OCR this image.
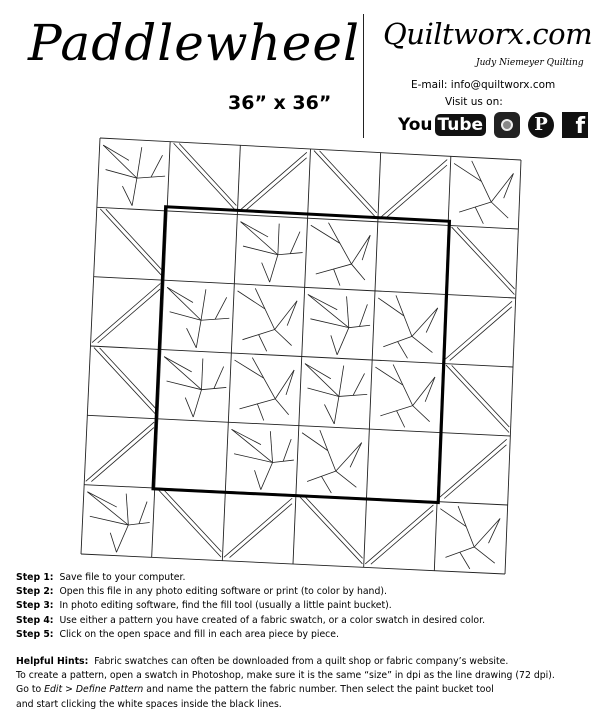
Paddlewheel
36” x 36”
Quiltworx.com
Judy Niemeyer Quilting
E-mail: info@quiltworx.com
Visit us on:
You Tube	P	f
Step 1: Save file to your computer.
Step 2: Open this file in any photo editing software or print (to color by hand).
Step 3: In photo editing software, find the fill tool (usually a little paint bucket).
Step 4: Use either a pattern you have created of a fabric swatch, or a color swatch in desired color.
Step 5: Click on the open space and fill in each area piece by piece.
Helpful Hints: Fabric swatches can often be downloaded from a quilt shop or fabric company’s website.
To create a pattern, open a swatch in Photoshop, make sure it is the same “size” in dpi as the line drawing (72 dpi).
Go to Edit > Define Pattern and name the pattern the fabric number. Then select the paint bucket tool
and start clicking the white spaces inside the black lines.
